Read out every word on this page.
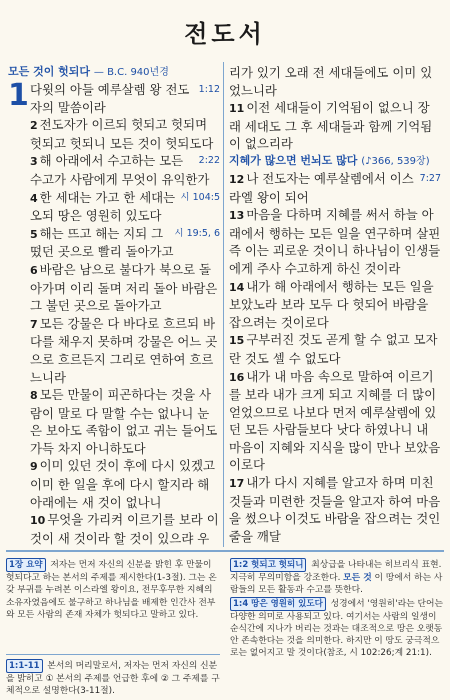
전도서
모든 것이 헛되다 — B.C. 940년경
1	1:12
다윗의 아들 예루살렘 왕 전도자의 말씀이라

2 전도자가 이르되 헛되고 헛되며 헛되고 헛되니 모든 것이 헛되도다

3	2:22
해 아래에서 수고하는 모든 수고가 사람에게 무엇이 유익한가

4	시 104:5
한 세대는 가고 한 세대는 오되 땅은 영원히 있도다

5	시 19:5, 6
해는 뜨고 해는 지되 그 떴던 곳으로 빨리 돌아가고

6 바람은 남으로 불다가 북으로 돌아가며 이리 돌며 저리 돌아 바람은 그 불던 곳으로 돌아가고

7 모든 강물은 다 바다로 흐르되 바다를 채우지 못하며 강물은 어느 곳으로 흐르든지 그리로 연하여 흐르느니라

8 모든 만물이 피곤하다는 것을 사람이 말로 다 말할 수는 없나니 눈은 보아도 족함이 없고 귀는 들어도 가득 차지 아니하도다

9 이미 있던 것이 후에 다시 있겠고 이미 한 일을 후에 다시 할지라 해 아래에는 새 것이 없나니

10 무엇을 가리켜 이르기를 보라 이것이 새 것이라 할 것이 있으랴 우

리가 있기 오래 전 세대들에도 이미 있었느니라

11 이전 세대들이 기억됨이 없으니 장래 세대도 그 후 세대들과 함께 기억됨이 없으리라

지혜가 많으면 번뇌도 많다 (♪366, 539장)

12	7:27
나 전도자는 예루살렘에서 이스라엘 왕이 되어

13 마음을 다하며 지혜를 써서 하늘 아래에서 행하는 모든 일을 연구하며 살핀즉 이는 괴로운 것이니 하나님이 인생들에게 주사 수고하게 하신 것이라

14 내가 해 아래에서 행하는 모든 일을 보았노라 보라 모두 다 헛되어 바람을 잡으려는 것이로다

15 구부러진 것도 곧게 할 수 없고 모자란 것도 셀 수 없도다

16 내가 내 마음 속으로 말하여 이르기를 보라 내가 크게 되고 지혜를 더 많이 얻었으므로 나보다 먼저 예루살렘에 있던 모든 사람들보다 낫다 하였나니 내 마음이 지혜와 지식을 많이 만나 보았음이로다

17 내가 다시 지혜를 알고자 하며 미친 것들과 미련한 것들을 알고자 하여 마음을 썼으나 이것도 바람을 잡으려는 것인 줄을 깨달

1장 요약 저자는 먼저 자신의 신분을 밝힌 후 만물이 헛되다고 하는 본서의 주제를 제시한다(1-3절). 그는 온갖 부귀를 누려본 이스라엘 왕이요, 전무후무한 지혜의 소유자였음에도 불구하고 하나님을 배제한 인간사 전부와 모든 사람의 존재 자체가 헛되다고 말하고 있다.
1:1-11 본서의 머리말로서, 저자는 먼저 자신의 신분을 밝히고 ① 본서의 주제를 언급한 후에 ② 그 주제를 구체적으로 설명한다(3-11절).
1:2 헛되고 헛되니 최상급을 나타내는 히브리식 표현. 지극히 무의미함을 강조한다. 모든 것 이 땅에서 하는 사람들의 모든 활동과 수고를 뜻한다.
1:4 땅은 영원히 있도다 성경에서 '영원히'라는 단어는 다양한 의미로 사용되고 있다. 여기서는 사람의 일생이 순식간에 지나가 버리는 것과는 대조적으로 땅은 오랫동안 존속한다는 것을 의미한다. 하지만 이 땅도 궁극적으로는 없어지고 말 것이다(참조, 시 102:26;계 21:1).
